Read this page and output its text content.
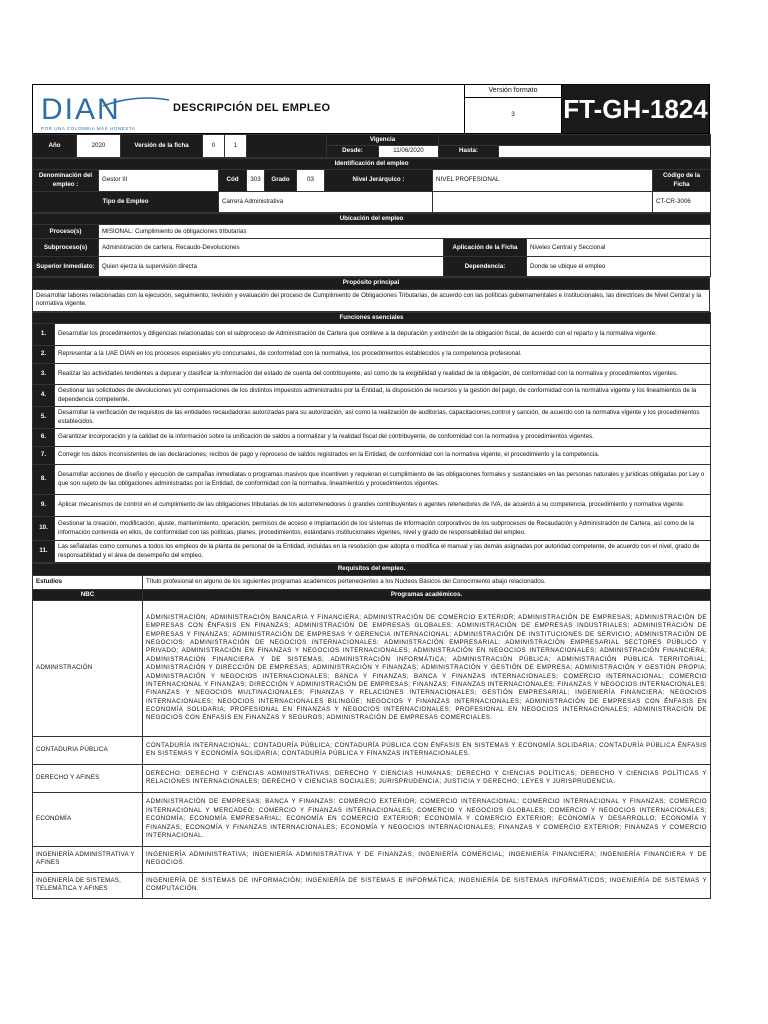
DIAN
POR UNA COLOMBIA MÁS HONESTA
DESCRIPCIÓN DEL EMPLEO
Versión formato
3	FT-GH-1824
Año	2020	Versión de la ficha	0	1		Vigencia			
						Desde:	11/06/2020	Hasta:	
Identificación del empleo								
Denominación del empleo :	Gestor III	Cód	303	Grado	03	Nivel Jerárquico :	NIVEL PROFESIONAL	Código de la Ficha
Tipo de Empleo		Carrera Administrativa						CT-CR-3006
Ubicación del empleo			
Proceso(s)	MISIONAL: Cumplimiento de obligaciones tributarias		
Subproceso(s)	Administración de cartera, Recaudo-Devoluciones	Aplicación de la Ficha	Niveles Central y Seccional
Superior Inmediato:	Quien ejerza la supervisión directa	Dependencia:	Donde se ubique el empleo
Propósito principal
Desarrollar labores relacionadas con la ejecución, seguimiento, revisión y evaluación del proceso de Cumplimiento de Obligaciones Tributarias, de acuerdo con las políticas gubernamentales e institucionales, las directrices de Nivel Central y la normativa vigente.
Funciones esenciales	
1.	Desarrollar los procedimientos y diligencias relacionadas con el subproceso de Administración de Cartera que conlleve a la depuración y extinción de la obligación fiscal, de acuerdo con el reparto y la normativa vigente.
2.	Representar a la UAE DIAN en los procesos especiales y/o concursales, de conformidad con la normativa, los procedimientos establecidos y la competencia profesional.
3.	Realizar las actividades tendientes a depurar y clasificar la información del estado de cuenta del contribuyente, así como de la exigibilidad y realidad de la obligación, de conformidad con la normativa y procedimientos vigentes.
4.	Gestionar las solicitudes de devoluciones y/o compensaciones de los distintos impuestos administrados por la Entidad, la disposición de recursos y la gestión del pago, de conformidad con la normativa vigente y los lineamientos de la dependencia competente.
5.	Desarrollar la verificación de requisitos de las entidades recaudadoras autorizadas para su autorización, así como la realización de auditorías, capacitaciones,control y sanción, de acuerdo con la normativa vigente y los procedimientos establecidos.
6.	Garantizar incorporación y la calidad de la información sobre la unificación de saldos a normalizar y la realidad fiscal del contribuyente, de conformidad con la normativa y procedimientos vigentes.
7.	Corregir los datos inconsistentes de las declaraciones, recibos de pago y reproceso de saldos registrados en la Entidad, de conformidad con la normativa vigente, el procedimiento y la competencia.
8.	Desarrollar acciones de diseño y ejecución de campañas inmediatas o programas masivos que incentiven y requieran el cumplimiento de las obligaciones formales y sustanciales en las personas naturales y jurídicas obligadas por Ley o que son sujeto de las obligaciones administradas por la Entidad, de conformidad con la normativa, lineamientos y procedimientos vigentes.
9.	Aplicar mecanismos de control en el cumplimiento de las obligaciones tributarias de los autorretenedores o grandes contribuyentes o agentes retenedores de IVA, de acuerdo a su competencia, procedimiento y normativa vigente.
10.	Gestionar la creación, modificación, ajuste, mantenimiento, operación, permisos de acceso e implantación de los sistemas de información corporativos de los subprocesos de Recaudación y Administración de Cartera, así como de la información contenida en ellos, de conformidad con las políticas, planes, procedimientos, estándares institucionales vigentes, nivel y grado de responsabilidad del empleo.
11.	Las señaladas como comunes a todos los empleos de la planta de personal de la Entidad, incluidas en la resolución que adopta o modifica el manual y las demás asignadas por autoridad competente, de acuerdo con el nivel, grado de responsabilidad y el área de desempeño del empleo.
Requisitos del empleo.	
Estudios	Título profesional en alguno de los siguientes programas académicos pertenecientes a los Núcleos Básicos del Conocimiento abajo relacionados.
NBC	Programas académicos.
ADMINISTRACIÓN	ADMINISTRACIÓN; ADMINISTRACIÓN BANCARIA Y FINANCIERA; ADMINISTRACIÓN DE COMERCIO EXTERIOR; ADMINISTRACIÓN DE EMPRESAS; ADMINISTRACIÓN DE EMPRESAS CON ÉNFASIS EN FINANZAS; ADMINISTRACIÓN DE EMPRESAS GLOBALES; ADMINISTRACIÓN DE EMPRESAS INDUSTRIALES; ADMINISTRACIÓN DE EMPRESAS Y FINANZAS; ADMINISTRACIÓN DE EMPRESAS Y GERENCIA INTERNACIONAL; ADMINISTRACIÓN DE INSTITUCIONES DE SERVICIO; ADMINISTRACIÓN DE NEGOCIOS; ADMINISTRACIÓN DE NEGOCIOS INTERNACIONALES; ADMINISTRACIÓN EMPRESARIAL; ADMINISTRACIÓN EMPRESARIAL SECTORES PÚBLICO Y PRIVADO; ADMINISTRACIÓN EN FINANZAS Y NEGOCIOS INTERNACIONALES; ADMINISTRACIÓN EN NEGOCIOS INTERNACIONALES; ADMINISTRACIÓN FINANCIERA; ADMINISTRACIÓN FINANCIERA Y DE SISTEMAS; ADMINISTRACIÓN INFORMÁTICA; ADMINISTRACIÓN PÚBLICA; ADMINISTRACIÓN PÚBLICA TERRITORIAL; ADMINISTRACIÓN Y DIRECCIÓN DE EMPRESAS; ADMINISTRACIÓN Y FINANZAS; ADMINISTRACIÓN Y GESTIÓN DE EMPRESA; ADMINISTRACIÓN Y GESTIÓN PROPIA; ADMINISTRACIÓN Y NEGOCIOS INTERNACIONALES; BANCA Y FINANZAS; BANCA Y FINANZAS INTERNACIONALES; COMERCIO INTERNACIONAL; COMERCIO INTERNACIONAL Y FINANZAS; DIRECCIÓN Y ADMINISTRACIÓN DE EMPRESAS; FINANZAS; FINANZAS INTERNACIONALES; FINANZAS Y NEGOCIOS INTERNACIONALES; FINANZAS Y NEGOCIOS MULTINACIONALES; FINANZAS Y RELACIONES INTERNACIONALES; GESTIÓN EMPRESARIAL; INGENIERÍA FINANCIERA; NEGOCIOS INTERNACIONALES; NEGOCIOS INTERNACIONALES BILINGÜE; NEGOCIOS Y FINANZAS INTERNACIONALES; ADMINISTRACIÓN DE EMPRESAS CON ÉNFASIS EN ECONOMÍA SOLIDARIA; PROFESIONAL EN FINANZAS Y NEGOCIOS INTERNACIONALES; PROFESIONAL EN NEGOCIOS INTERNACIONALES; ADMINISTRACIÓN DE NEGOCIOS CON ÉNFASIS EN FINANZAS Y SEGUROS; ADMINISTRACIÓN DE EMPRESAS COMERCIALES.
CONTADURIA PÚBLICA	CONTADURÍA INTERNACIONAL; CONTADURÍA PÚBLICA; CONTADURÍA PÚBLICA CON ÉNFASIS EN SISTEMAS Y ECONOMÍA SOLIDARIA; CONTADURÍA PÚBLICA ÉNFASIS EN SISTEMAS Y ECONOMÍA SOLIDARIA; CONTADURÍA PÚBLICA Y FINANZAS INTERNACIONALES.
DERECHO Y AFINES	DERECHO; DERECHO Y CIENCIAS ADMINISTRATIVAS; DERECHO Y CIENCIAS HUMANAS; DERECHO Y CIENCIAS POLÍTICAS; DERECHO Y CIENCIAS POLÍTICAS Y RELACIONES INTERNACIONALES; DERECHO Y CIENCIAS SOCIALES; JURISPRUDENCIA; JUSTICIA Y DERECHO; LEYES Y JURISPRUDENCIA.
ECONOMÍA	ADMINISTRACIÓN DE EMPRESAS; BANCA Y FINANZAS; COMERCIO EXTERIOR; COMERCIO INTERNACIONAL; COMERCIO INTERNACIONAL Y FINANZAS; COMERCIO INTERNACIONAL Y MERCADEO; COMERCIO Y FINANZAS INTERNACIONALES; COMERCIO Y NEGOCIOS GLOBALES; COMERCIO Y NEGOCIOS INTERNACIONALES; ECONOMÍA; ECONOMÍA EMPRESARIAL; ECONOMÍA EN COMERCIO EXTERIOR; ECONOMÍA Y COMERCIO EXTERIOR; ECONOMÍA Y DESARROLLO; ECONOMÍA Y FINANZAS; ECONOMÍA Y FINANZAS INTERNACIONALES; ECONOMÍA Y NEGOCIOS INTERNACIONALES; FINANZAS Y COMERCIO EXTERIOR; FINANZAS Y COMERCIO INTERNACIONAL.
INGENIERÍA ADMINISTRATIVA Y AFINES	INGENIERÍA ADMINISTRATIVA; INGENIERÍA ADMINISTRATIVA Y DE FINANZAS; INGENIERÍA COMERCIAL; INGENIERÍA FINANCIERA; INGENIERÍA FINANCIERA Y DE NEGOCIOS.
INGENIERÍA DE SISTEMAS, TELEMÁTICA Y AFINES	INGENIERÍA DE SISTEMAS DE INFORMACIÓN; INGENIERÍA DE SISTEMAS E INFORMÁTICA; INGENIERÍA DE SISTEMAS INFORMÁTICOS; INGENIERÍA DE SISTEMAS Y COMPUTACIÓN.
